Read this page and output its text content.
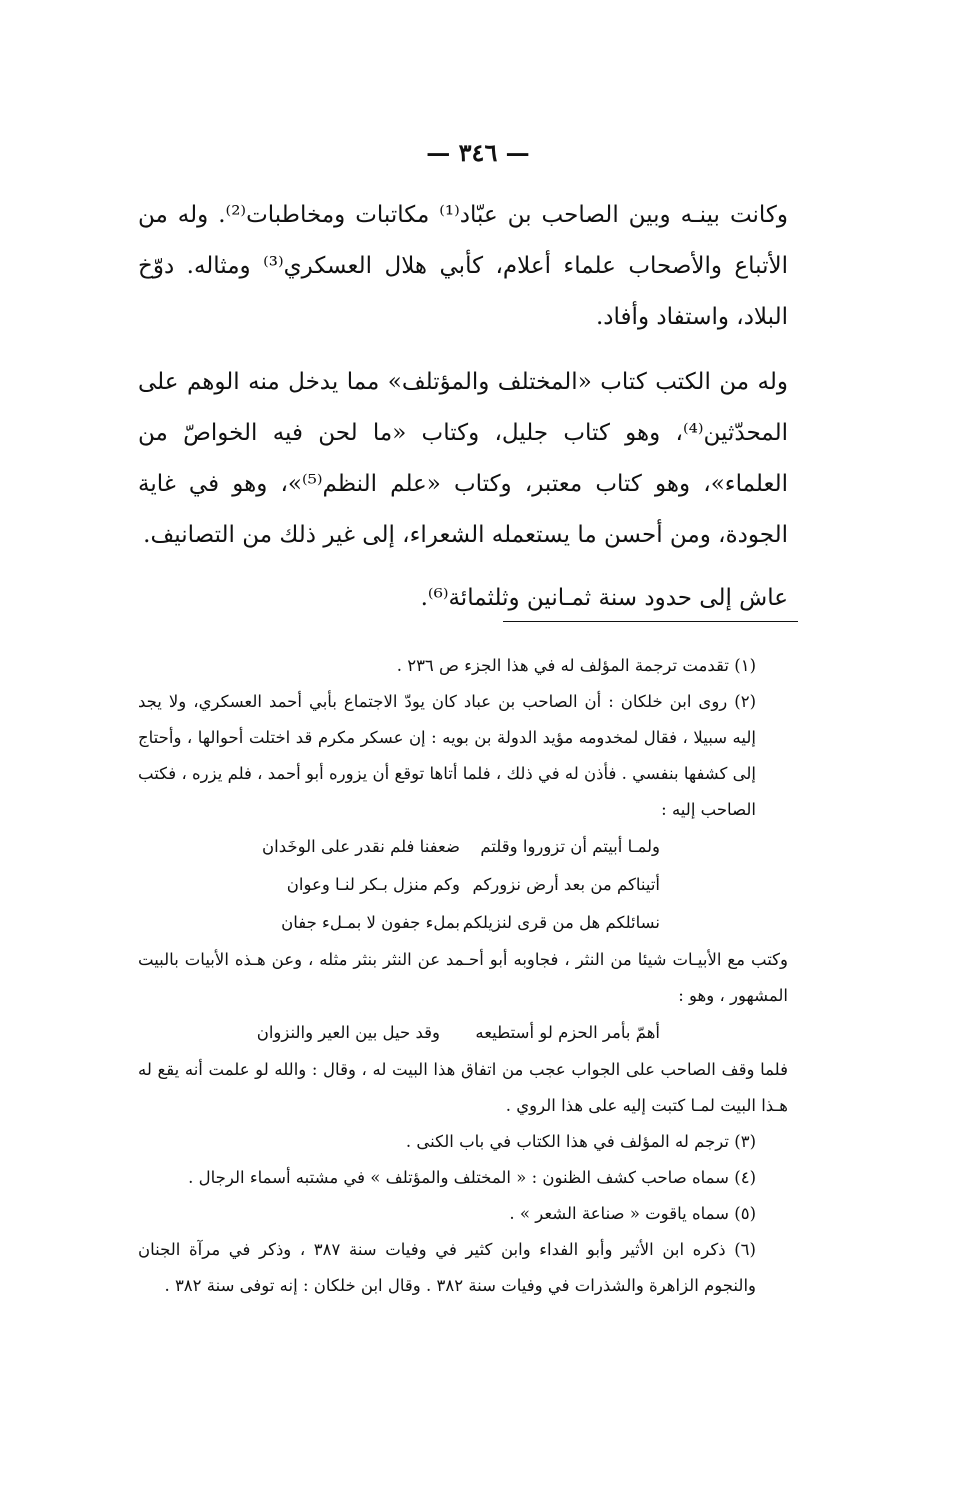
— ٣٤٦ —

وكانت بينـه وبين الصاحب بن عبّاد⁽¹⁾ مكاتبات ومخاطبات⁽²⁾. وله من الأتباع والأصحاب علماء أعلام، كأبي هلال العسكري⁽³⁾ ومثاله. دوّخ البلاد، واستفاد وأفاد.

وله من الكتب كتاب «المختلف والمؤتلف» مما يدخل منه الوهم على المحدّثين⁽⁴⁾، وهو كتاب جليل، وكتاب «ما لحن فيه الخواصّ من العلماء»، وهو كتاب معتبر، وكتاب «علم النظم⁽⁵⁾»، وهو في غاية الجودة، ومن أحسن ما يستعمله الشعراء، إلى غير ذلك من التصانيف.

عاش إلى حدود سنة ثمـانين وثلثمائة⁽⁶⁾.

(١) تقدمت ترجمة المؤلف له في هذا الجزء ص ٢٣٦ .

(٢) روى ابن خلكان : أن الصاحب بن عباد كان يودّ الاجتماع بأبي أحمد العسكري، ولا يجد إليه سبيلا ، فقال لمخدومه مؤيد الدولة بن بويه : إن عسكر مكرم قد اختلت أحوالها ، وأحتاج إلى كشفها بنفسي . فأذن له في ذلك ، فلما أتاها توقع أن يزوره أبو أحمد ، فلم يزره ، فكتب الصاحب إليه :

ولمـا أبيتم أن تزوروا وقلتم
ضعفنا فلم نقدر على الوخَدان
أتيناكم من بعد أرض نزوركم
وكم منزل بـكر لنـا وعوان
نسائلكم هل من قرى لنزيلكم
بملء جفون لا بمـلء جفان

وكتب مع الأبيـات شيئا من النثر ، فجاوبه أبو أحـمد عن النثر بنثر مثله ، وعن هـذه الأبيات بالبيت المشهور ، وهو :

أهمّ بأمر الحزم لو أستطيعه
وقد حيل بين العير والنزوان

فلما وقف الصاحب على الجواب عجب من اتفاق هذا البيت له ، وقال : والله لو علمت أنه يقع له هـذا البيت لمـا كتبت إليه على هذا الروي .

(٣) ترجم له المؤلف في هذا الكتاب في باب الكنى .

(٤) سماه صاحب كشف الظنون : « المختلف والمؤتلف » في مشتبه أسماء الرجال .

(٥) سماه ياقوت « صناعة الشعر » .

(٦) ذكره ابن الأثير وأبو الفداء وابن كثير في وفيات سنة ٣٨٧ ، وذكر في مرآة الجنان والنجوم الزاهرة والشذرات في وفيات سنة ٣٨٢ . وقال ابن خلكان : إنه توفى سنة ٣٨٢ .
